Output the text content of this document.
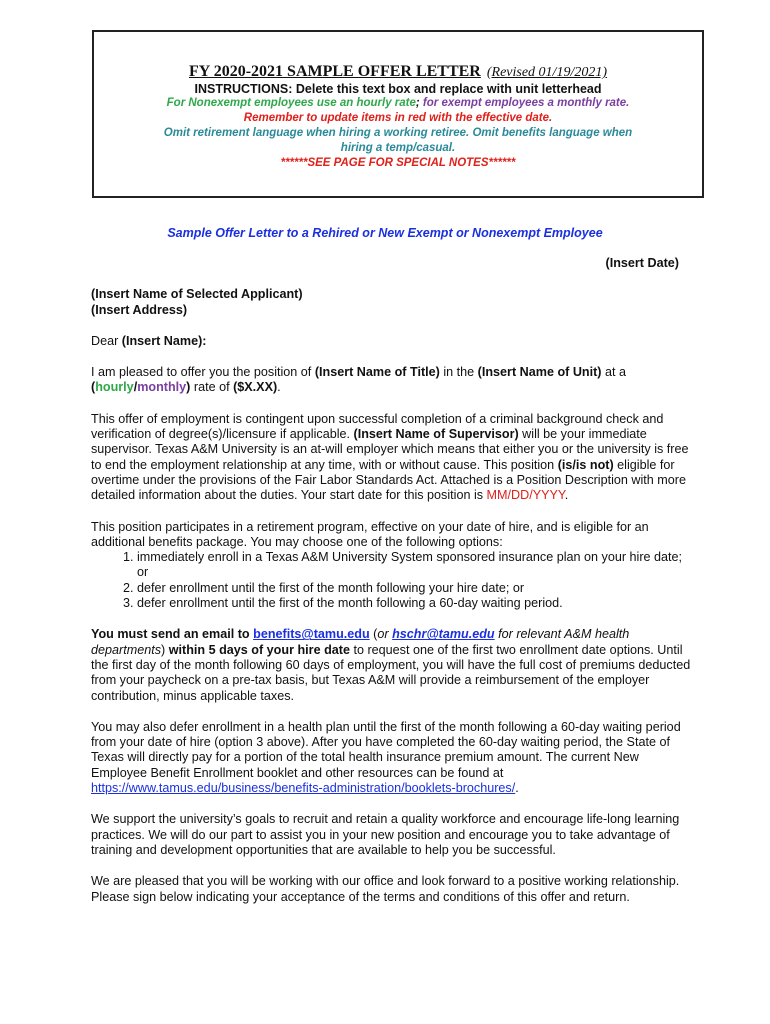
FY 2020-2021 SAMPLE OFFER LETTER (Revised 01/19/2021)
INSTRUCTIONS: Delete this text box and replace with unit letterhead
For Nonexempt employees use an hourly rate; for exempt employees a monthly rate.
Remember to update items in red with the effective date.
Omit retirement language when hiring a working retiree. Omit benefits language when hiring a temp/casual.
******SEE PAGE FOR SPECIAL NOTES******
Sample Offer Letter to a Rehired or New Exempt or Nonexempt Employee
(Insert Date)

(Insert Name of Selected Applicant)

(Insert Address)

Dear (Insert Name):

I am pleased to offer you the position of (Insert Name of Title) in the (Insert Name of Unit) at a (hourly/monthly) rate of ($X.XX).

This offer of employment is contingent upon successful completion of a criminal background check and verification of degree(s)/licensure if applicable. (Insert Name of Supervisor) will be your immediate supervisor. Texas A&M University is an at-will employer which means that either you or the university is free to end the employment relationship at any time, with or without cause. This position (is/is not) eligible for overtime under the provisions of the Fair Labor Standards Act. Attached is a Position Description with more detailed information about the duties. Your start date for this position is MM/DD/YYYY.

This position participates in a retirement program, effective on your date of hire, and is eligible for an additional benefits package. You may choose one of the following options:

1. immediately enroll in a Texas A&M University System sponsored insurance plan on your hire date; or
2. defer enrollment until the first of the month following your hire date; or
3. defer enrollment until the first of the month following a 60-day waiting period.

You must send an email to benefits@tamu.edu (or hschr@tamu.edu for relevant A&M health departments) within 5 days of your hire date to request one of the first two enrollment date options. Until the first day of the month following 60 days of employment, you will have the full cost of premiums deducted from your paycheck on a pre-tax basis, but Texas A&M will provide a reimbursement of the employer contribution, minus applicable taxes.

You may also defer enrollment in a health plan until the first of the month following a 60-day waiting period from your date of hire (option 3 above). After you have completed the 60-day waiting period, the State of Texas will directly pay for a portion of the total health insurance premium amount. The current New Employee Benefit Enrollment booklet and other resources can be found at https://www.tamus.edu/business/benefits-administration/booklets-brochures/.

We support the university’s goals to recruit and retain a quality workforce and encourage life-long learning practices. We will do our part to assist you in your new position and encourage you to take advantage of training and development opportunities that are available to help you be successful.

We are pleased that you will be working with our office and look forward to a positive working relationship. Please sign below indicating your acceptance of the terms and conditions of this offer and return.
